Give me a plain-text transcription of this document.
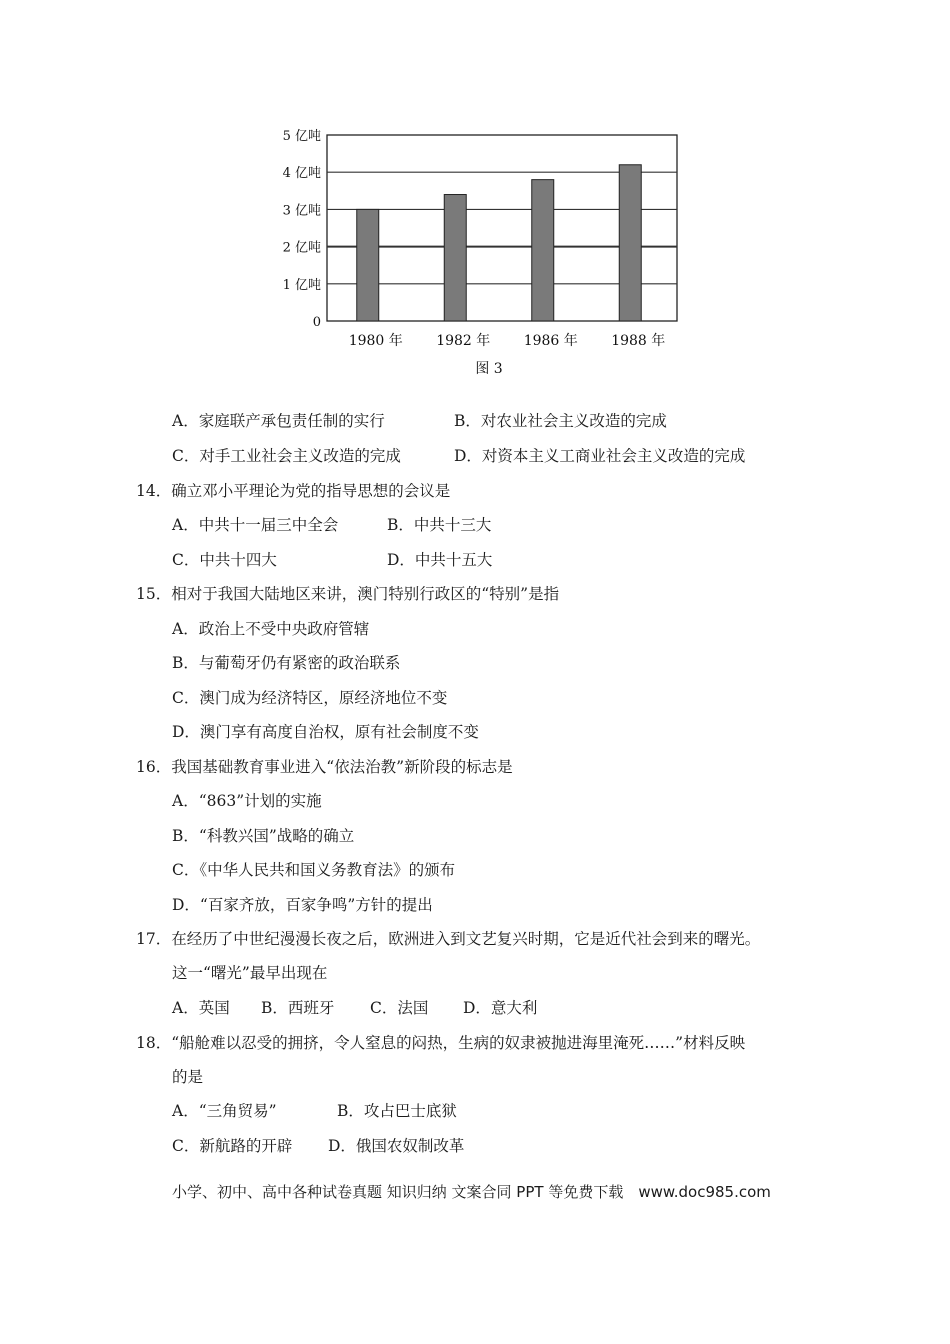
0
1 亿吨
2 亿吨
3 亿吨
4 亿吨
5 亿吨
1980 年 1982 年 1986 年 1988 年
图 3
A．家庭联产承包责任制的实行	B．对农业社会主义改造的完成
C．对手工业社会主义改造的完成	D．对资本主义工商业社会主义改造的完成
14．确立邓小平理论为党的指导思想的会议是
A．中共十一届三中全会	B．中共十三大
C．中共十四大	D．中共十五大
15．相对于我国大陆地区来讲，澳门特别行政区的“特别”是指
A．政治上不受中央政府管辖
B．与葡萄牙仍有紧密的政治联系
C．澳门成为经济特区，原经济地位不变
D．澳门享有高度自治权，原有社会制度不变
16．我国基础教育事业进入“依法治教”新阶段的标志是
A．“863”计划的实施
B．“科教兴国”战略的确立
C．《中华人民共和国义务教育法》的颁布
D．“百家齐放，百家争鸣”方针的提出
17．在经历了中世纪漫漫长夜之后，欧洲进入到文艺复兴时期，它是近代社会到来的曙光。
这一“曙光”最早出现在
A．英国 B．西班牙 C．法国 D．意大利
18．“船舱难以忍受的拥挤，令人窒息的闷热，生病的奴隶被抛进海里淹死……”材料反映
的是
A．“三角贸易”	B．攻占巴士底狱
C．新航路的开辟 D．俄国农奴制改革
小学、初中、高中各种试卷真题 知识归纳 文案合同 PPT 等免费下载　www.doc985.com
